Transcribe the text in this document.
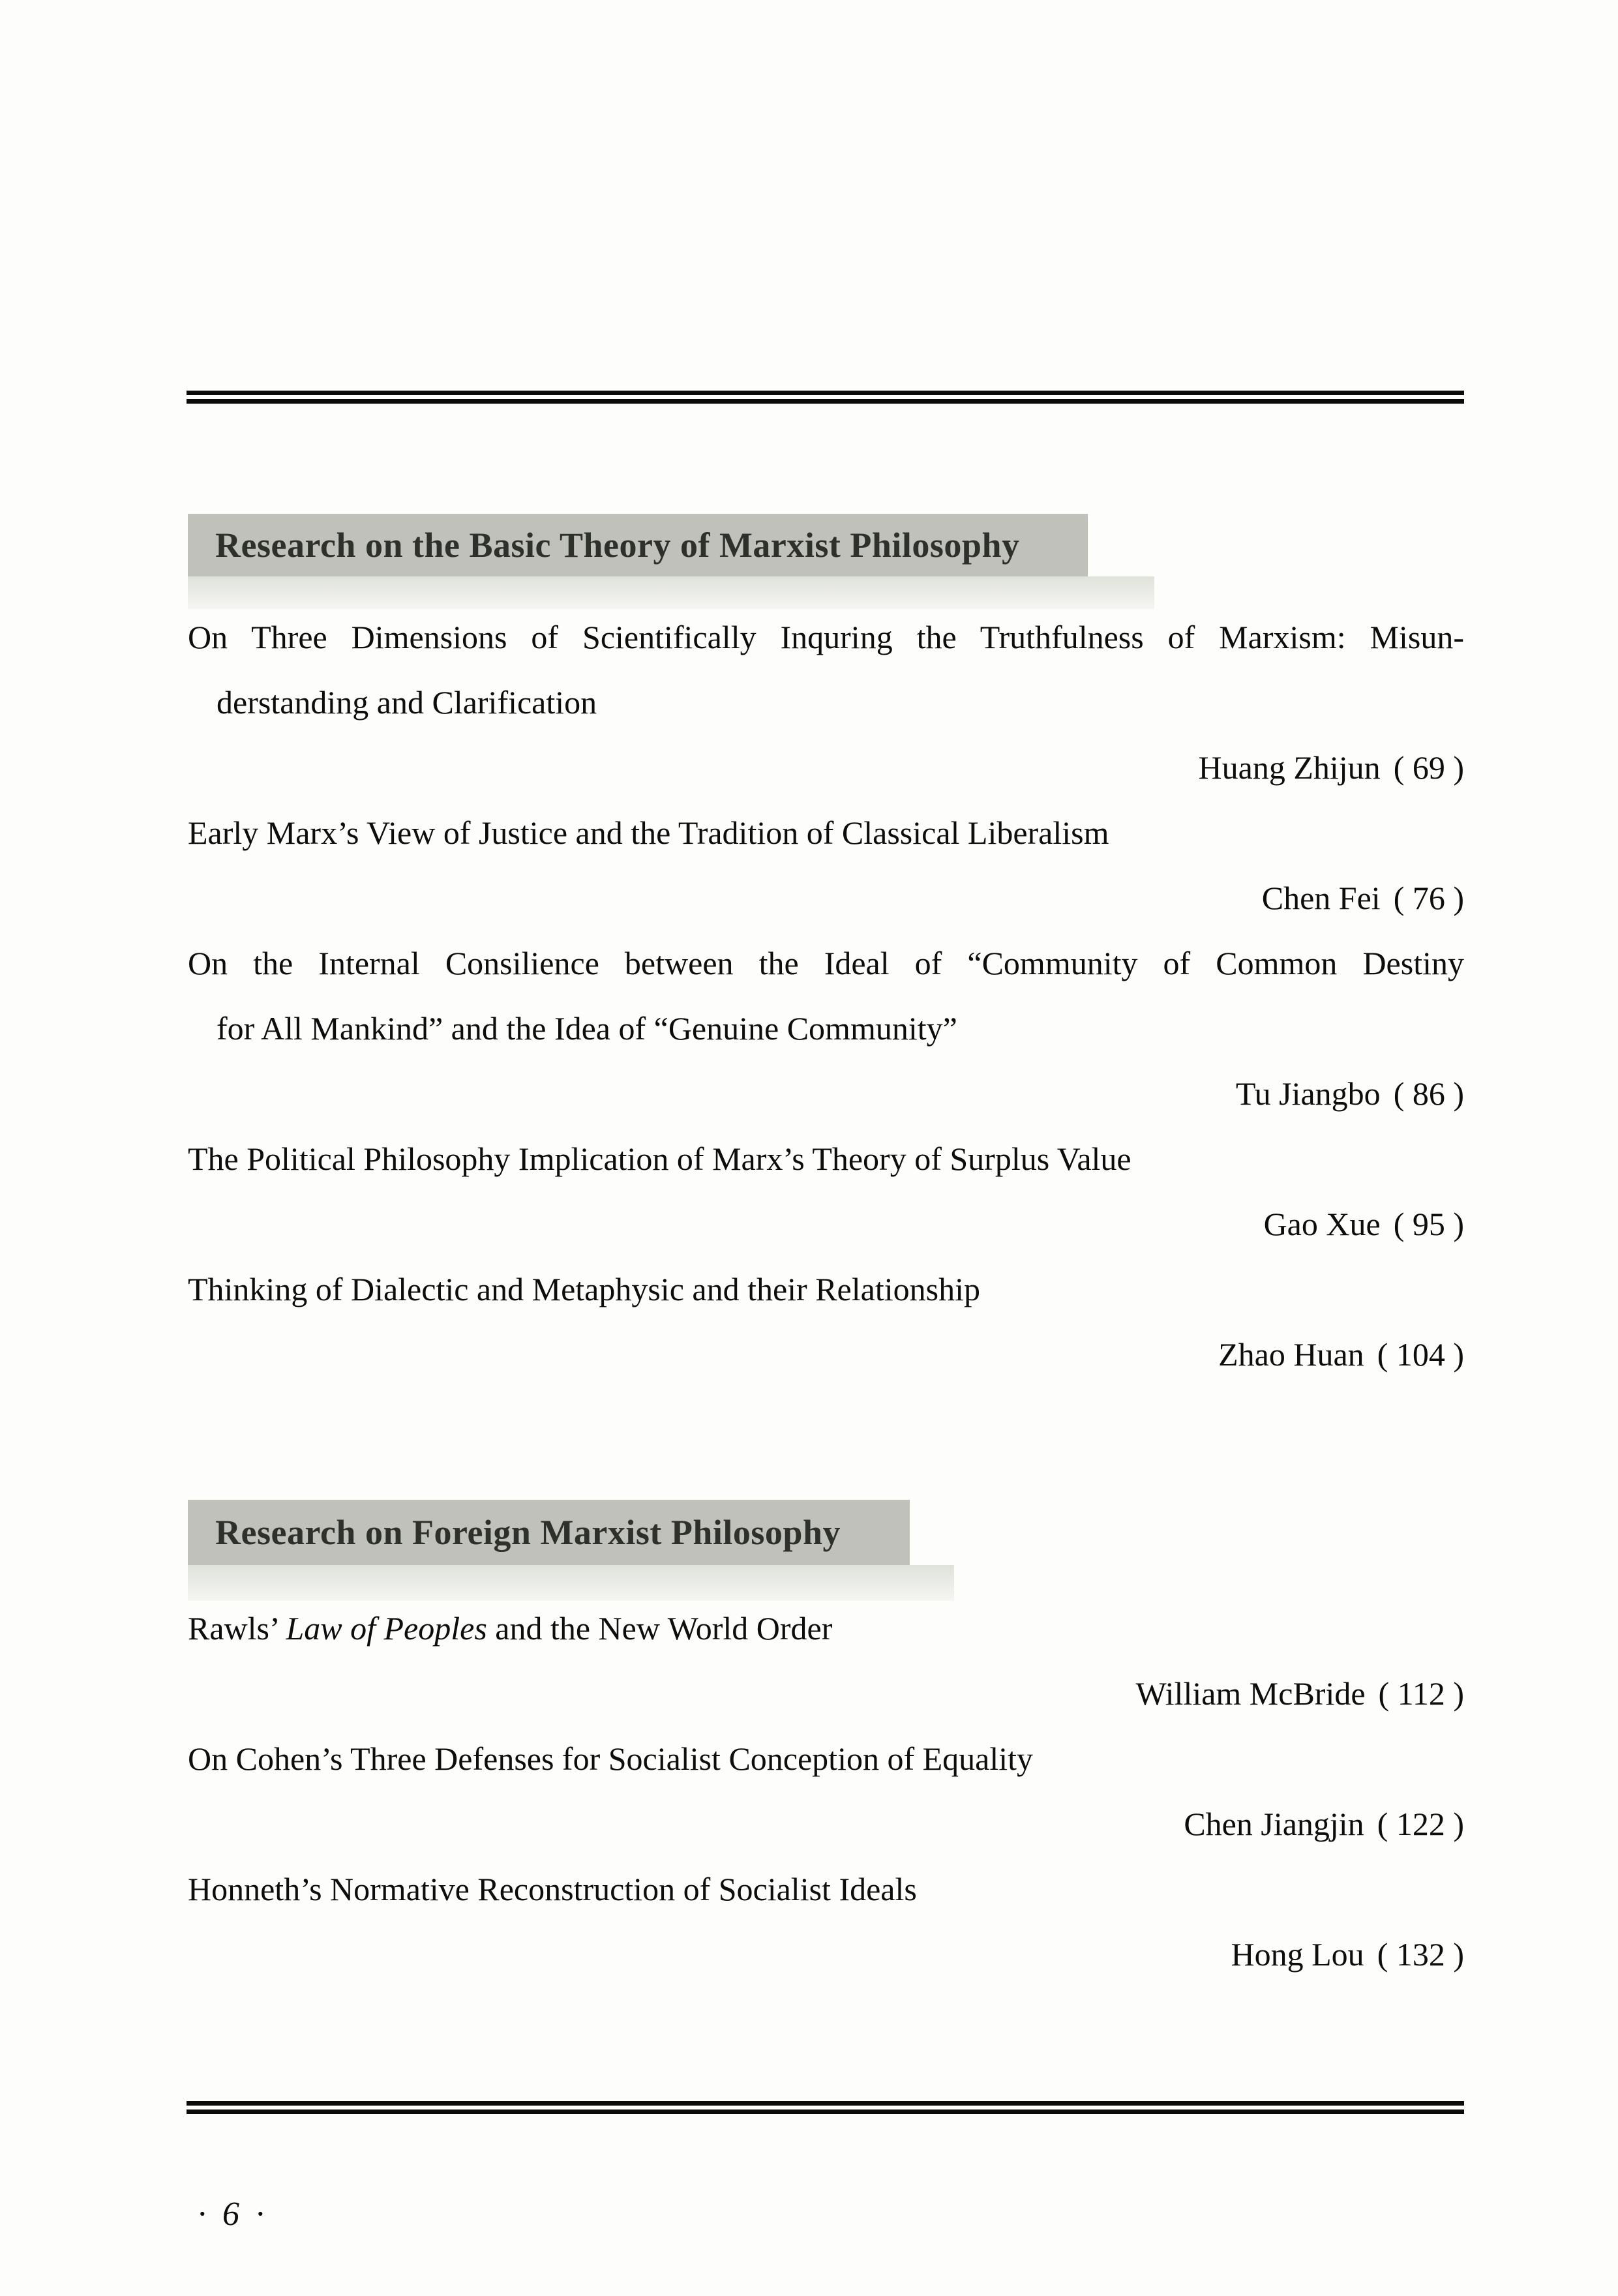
Research on the Basic Theory of Marxist Philosophy
On Three Dimensions of Scientifically Inquring the Truthfulness of Marxism: Misun-
derstanding and Clarification
Huang Zhijun ( 69 )
Early Marx’s View of Justice and the Tradition of Classical Liberalism
Chen Fei ( 76 )
On the Internal Consilience between the Ideal of “Community of Common Destiny
for All Mankind” and the Idea of “Genuine Community”
Tu Jiangbo ( 86 )
The Political Philosophy Implication of Marx’s Theory of Surplus Value
Gao Xue ( 95 )
Thinking of Dialectic and Metaphysic and their Relationship
Zhao Huan ( 104 )
Research on Foreign Marxist Philosophy
Rawls’ Law of Peoples and the New World Order
William McBride ( 112 )
On Cohen’s Three Defenses for Socialist Conception of Equality
Chen Jiangjin ( 122 )
Honneth’s Normative Reconstruction of Socialist Ideals
Hong Lou ( 132 )
· 6 ·
